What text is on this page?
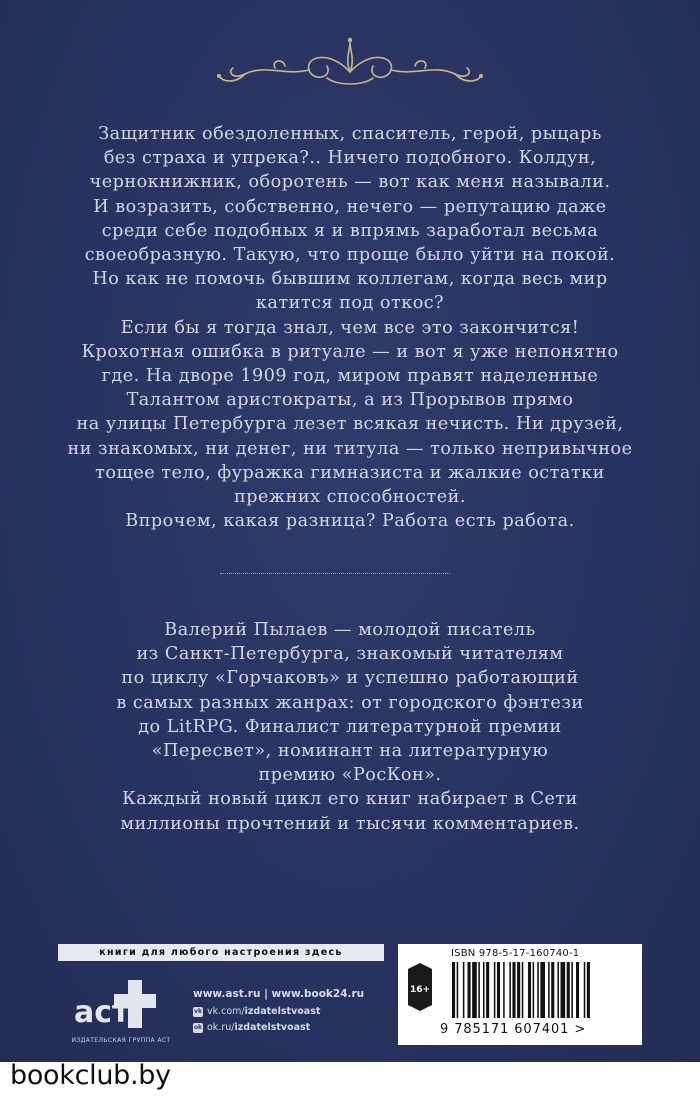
Защитник обездоленных, спаситель, герой, рыцарь

без страха и упрека?.. Ничего подобного. Колдун,

чернокнижник, оборотень — вот как меня называли.

И возразить, собственно, нечего — репутацию даже

среди себе подобных я и впрямь заработал весьма

своеобразную. Такую, что проще было уйти на покой.

Но как не помочь бывшим коллегам, когда весь мир

катится под откос?

Если бы я тогда знал, чем все это закончится!

Крохотная ошибка в ритуале — и вот я уже непонятно

где. На дворе 1909 год, миром правят наделенные

Талантом аристократы, а из Прорывов прямо

на улицы Петербурга лезет всякая нечисть. Ни друзей,

ни знакомых, ни денег, ни титула — только непривычное

тощее тело, фуражка гимназиста и жалкие остатки

прежних способностей.

Впрочем, какая разница? Работа есть работа.

Валерий Пылаев — молодой писатель

из Санкт-Петербурга, знакомый читателям

по циклу «Горчаковъ» и успешно работающий

в самых разных жанрах: от городского фэнтези

до LitRPG. Финалист литературной премии

«Пересвет», номинант на литературную

премию «РосКон».

Каждый новый цикл его книг набирает в Сети

миллионы прочтений и тысячи комментариев.

книги для любого настроения здесь
аст
ИЗДАТЕЛЬСКАЯ ГРУППА АСТ
www.ast.ru | www.book24.ru
vk vk.com/ izdatelstvoast
ok ok.ru/ izdatelstvoast
ISBN 978-5-17-160740-1
16+
9 785171 607401 >
bookclub.by
